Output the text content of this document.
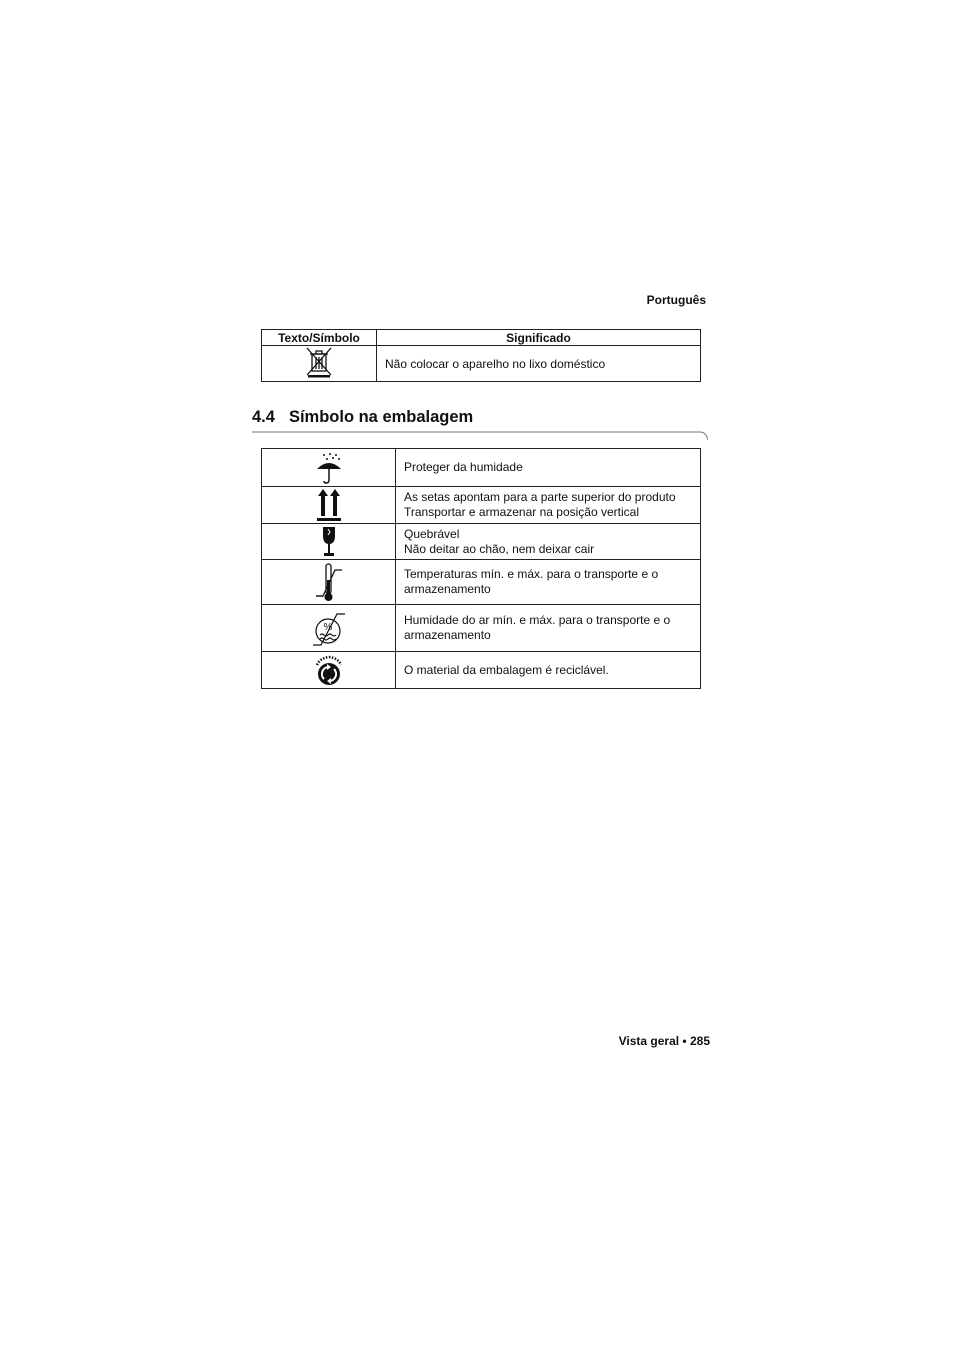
Português
Texto/Símbolo	Significado
	Não colocar o aparelho no lixo doméstico
4.4 Símbolo na embalagem

Proteger da humidade

As setas apontam para a parte superior do produto
Transportar e armazenar na posição vertical

Quebrável
Não deitar ao chão, nem deixar cair

Temperaturas mín. e máx. para o transporte e o
armazenamento

%	Humidade do ar mín. e máx. para o transporte e o
armazenamento

O material da embalagem é reciclável.
Vista geral • 285
